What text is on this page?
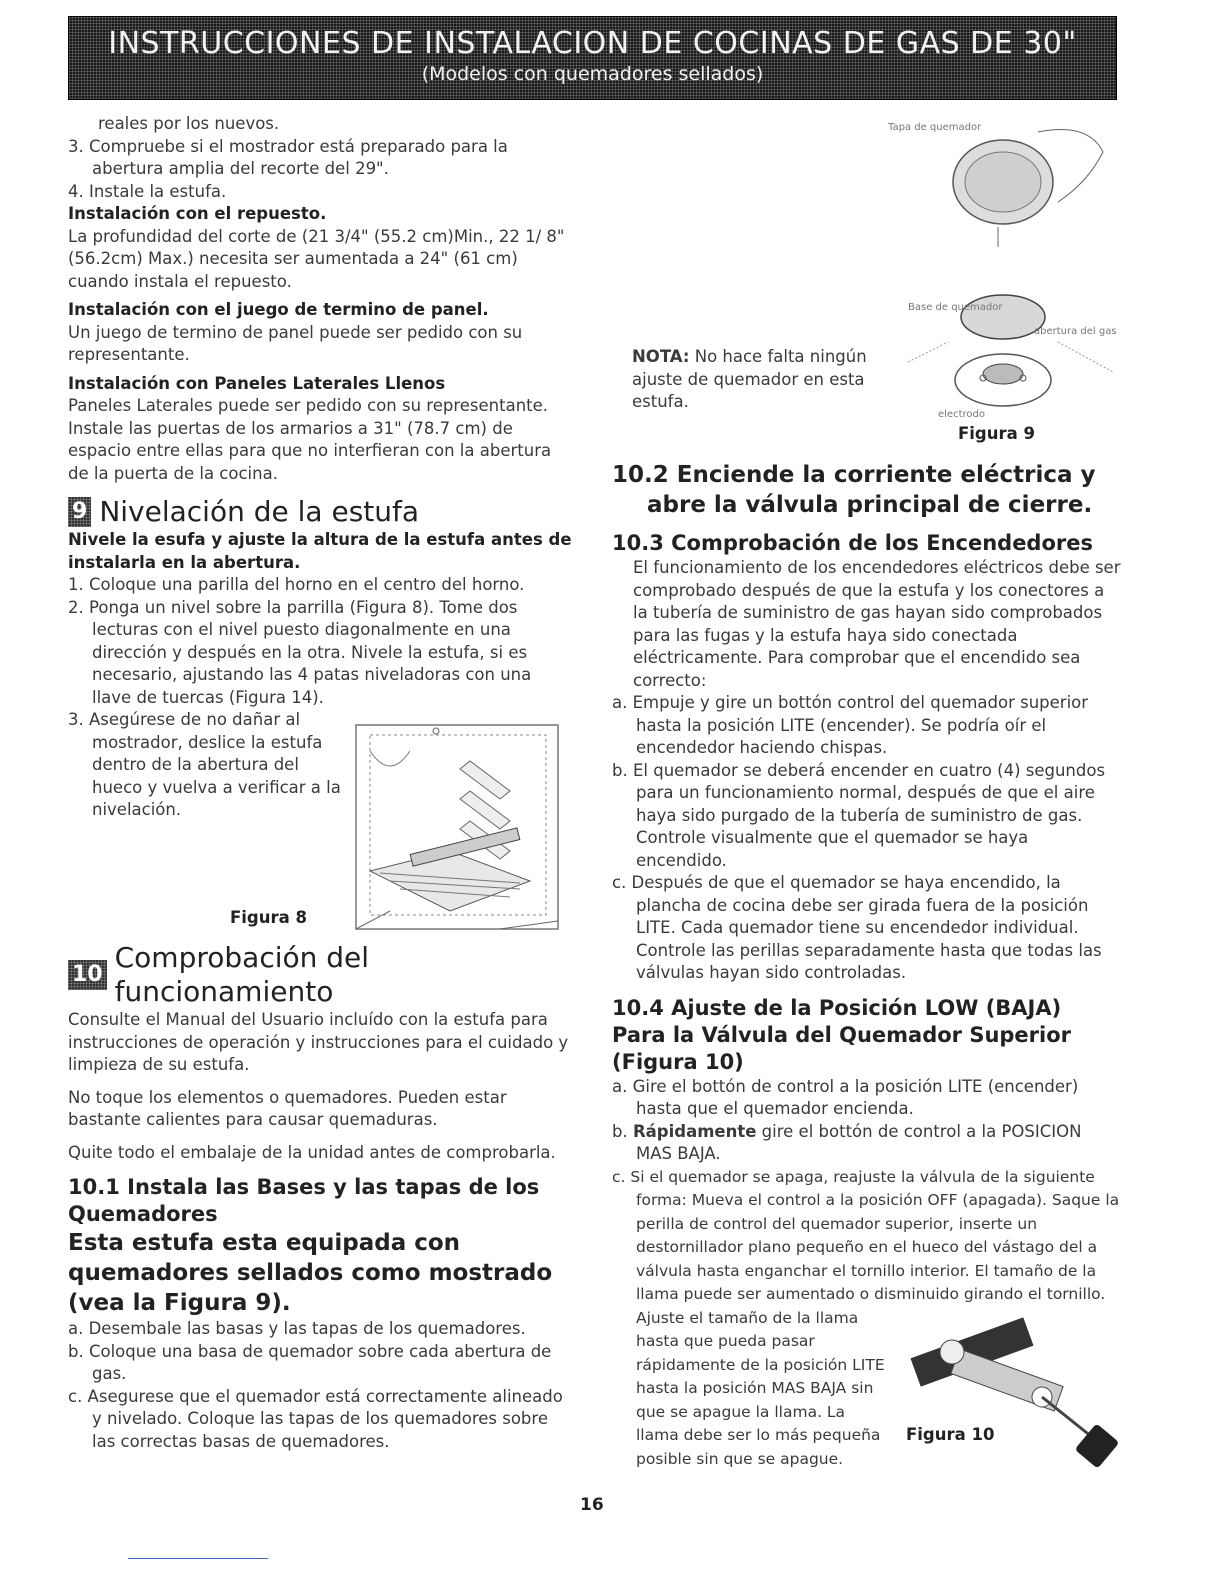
INSTRUCCIONES DE INSTALACION DE COCINAS DE GAS DE 30"
(Modelos con quemadores sellados)

reales por los nuevos.

3. Compruebe si el mostrador está preparado para la abertura amplia del recorte del 29".

4. Instale la estufa.

Instalación con el repuesto.

La profundidad del corte de (21 3/4" (55.2 cm)Min., 22 1/ 8" (56.2cm) Max.) necesita ser aumentada a 24" (61 cm) cuando instala el repuesto.

Instalación con el juego de termino de panel.

Un juego de termino de panel puede ser pedido con su representante.

Instalación con Paneles Laterales Llenos

Paneles Laterales puede ser pedido con su representante. Instale las puertas de los armarios a 31" (78.7 cm) de espacio entre ellas para que no interfieran con la abertura de la puerta de la cocina.

9 Nivelación de la estufa

Nivele la esufa y ajuste la altura de la estufa antes de instalarla en la abertura.

1. Coloque una parilla del horno en el centro del horno.

2. Ponga un nivel sobre la parrilla (Figura 8). Tome dos lecturas con el nivel puesto diagonalmente en una dirección y después en la otra. Nivele la estufa, si es necesario, ajustando las 4 patas niveladoras con una llave de tuercas (Figura 14).

3. Asegúrese de no dañar al mostrador, deslice la estufa dentro de la abertura del hueco y vuelva a verificar a la nivelación.

Figura 8
10
Comprobación del funcionamiento

Consulte el Manual del Usuario incluído con la estufa para instrucciones de operación y instrucciones para el cuidado y limpieza de su estufa.

No toque los elementos o quemadores. Pueden estar bastante calientes para causar quemaduras.

Quite todo el embalaje de la unidad antes de comprobarla.

10.1 Instala las Bases y las tapas de los Quemadores

Esta estufa esta equipada con quemadores sellados como mostrado (vea la Figura 9).

a. Desembale las basas y las tapas de los quemadores.

b. Coloque una basa de quemador sobre cada abertura de gas.

c. Asegurese que el quemador está correctamente alineado y nivelado. Coloque las tapas de los quemadores sobre las correctas basas de quemadores.

Tapa de quemador
Base de quemador
abertura del gas
electrodo

NOTA: No hace falta ningún ajuste de quemador en esta estufa.

Figura 9

10.2 Enciende la corriente eléctrica y abre la válvula principal de cierre.

10.3 Comprobación de los Encendedores

El funcionamiento de los encendedores eléctricos debe ser comprobado después de que la estufa y los conectores a la tubería de suministro de gas hayan sido comprobados para las fugas y la estufa haya sido conectada eléctricamente. Para comprobar que el encendido sea correcto:

a. Empuje y gire un bottón control del quemador superior hasta la posición LITE (encender). Se podría oír el encendedor haciendo chispas.

b. El quemador se deberá encender en cuatro (4) segundos para un funcionamiento normal, después de que el aire haya sido purgado de la tubería de suministro de gas. Controle visualmente que el quemador se haya encendido.

c. Después de que el quemador se haya encendido, la plancha de cocina debe ser girada fuera de la posición LITE. Cada quemador tiene su encendedor individual. Controle las perillas separadamente hasta que todas las válvulas hayan sido controladas.

10.4 Ajuste de la Posición LOW (BAJA) Para la Válvula del Quemador Superior (Figura 10)

a. Gire el bottón de control a la posición LITE (encender) hasta que el quemador encienda.

b. Rápidamente gire el bottón de control a la POSICION MAS BAJA.

c. Si el quemador se apaga, reajuste la válvula de la siguiente forma: Mueva el control a la posición OFF (apagada). Saque la perilla de control del quemador superior, inserte un destornillador plano pequeño en el hueco del vástago del a válvula hasta enganchar el tornillo interior. El tamaño de la llama puede ser aumentado o disminuido girando el tornillo.

Ajuste el tamaño de la llama hasta que pueda pasar rápidamente de la posición LITE hasta la posición MAS BAJA sin que se apague la llama. La llama debe ser lo más pequeña posible sin que se apague.

Figura 10
16
